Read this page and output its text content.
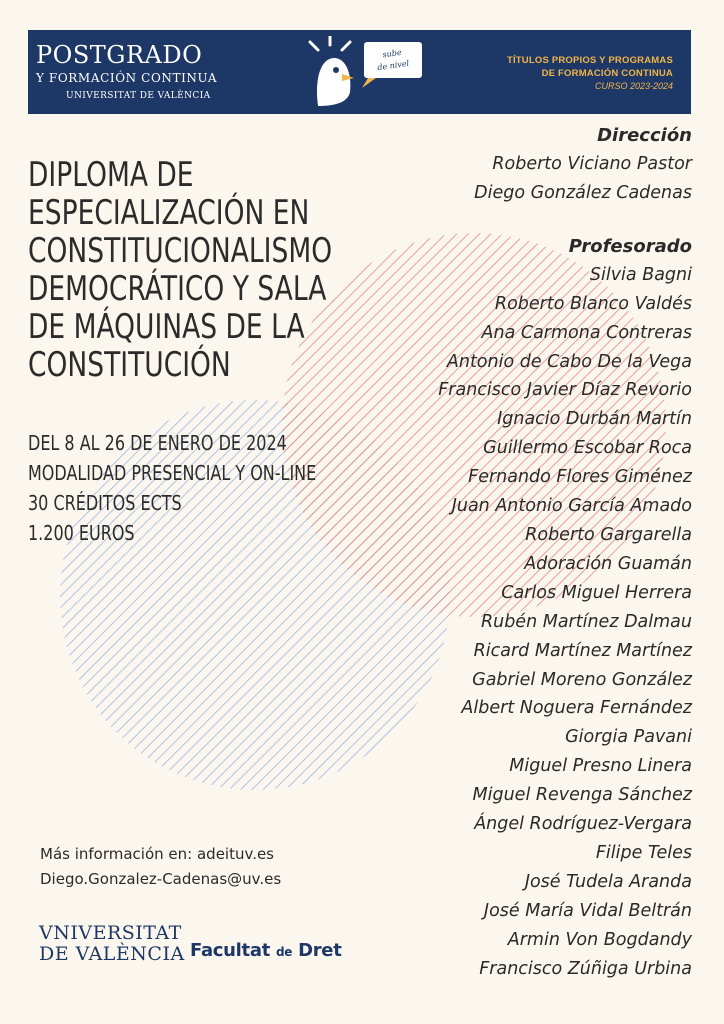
POSTGRADO
Y FORMACIÓN CONTINUA
UNIVERSITAT DE VALÈNCIA
sube
de nivel	TÍTULOS PROPIOS Y PROGRAMAS
DE FORMACIÓN CONTINUA
CURSO 2023-2024
DIPLOMA DE
ESPECIALIZACIÓN EN
CONSTITUCIONALISMO
DEMOCRÁTICO Y SALA
DE MÁQUINAS DE LA
CONSTITUCIÓN
DEL 8 AL 26 DE ENERO DE 2024
MODALIDAD PRESENCIAL Y ON-LINE
30 CRÉDITOS ECTS
1.200 EUROS
Dirección
Roberto Viciano Pastor
Diego González Cadenas
Profesorado
Silvia Bagni
Roberto Blanco Valdés
Ana Carmona Contreras
Antonio de Cabo De la Vega
Francisco Javier Díaz Revorio
Ignacio Durbán Martín
Guillermo Escobar Roca
Fernando Flores Giménez
Juan Antonio García Amado
Roberto Gargarella
Adoración Guamán
Carlos Miguel Herrera
Rubén Martínez Dalmau
Ricard Martínez Martínez
Gabriel Moreno González
Albert Noguera Fernández
Giorgia Pavani
Miguel Presno Linera
Miguel Revenga Sánchez
Ángel Rodríguez-Vergara
Filipe Teles
José Tudela Aranda
José María Vidal Beltrán
Armin Von Bogdandy
Francisco Zúñiga Urbina
Más información en: adeituv.es
Diego.Gonzalez-Cadenas@uv.es
VNIVERSITAT
DE VALÈNCIA Facultat de Dret
